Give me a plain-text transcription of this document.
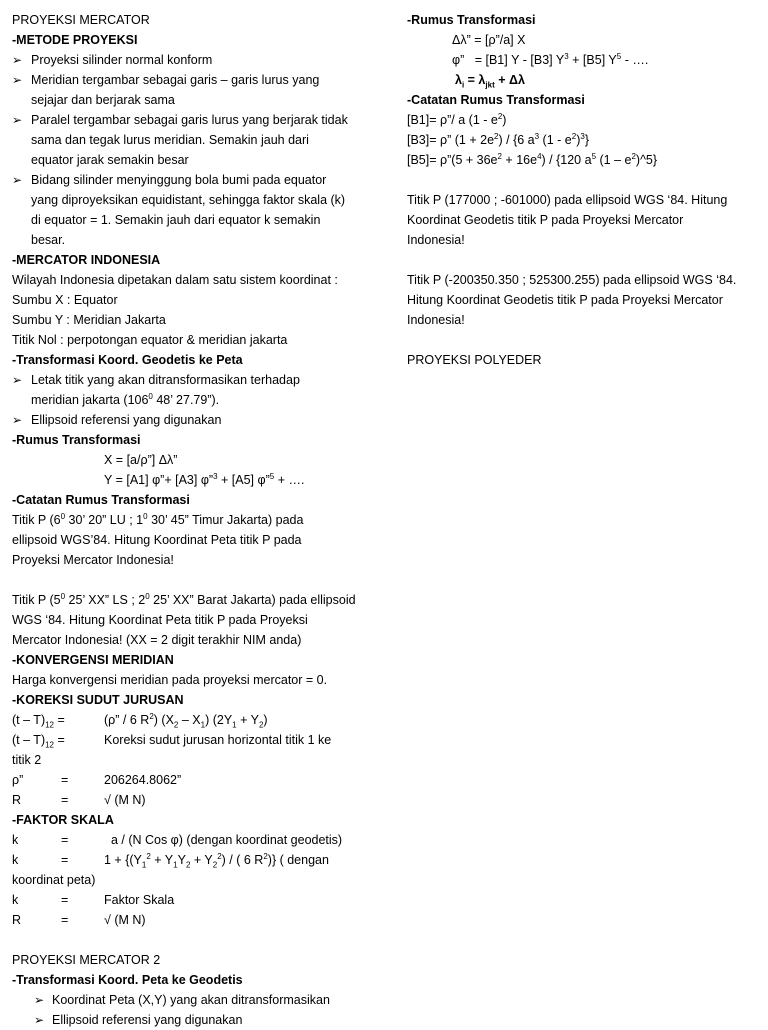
PROYEKSI MERCATOR
-METODE PROYEKSI
➢ Proyeksi silinder normal konform
➢ Meridian tergambar sebagai garis – garis lurus yang
sejajar dan berjarak sama
➢ Paralel tergambar sebagai garis lurus yang berjarak tidak
sama dan tegak lurus meridian. Semakin jauh dari
equator jarak semakin besar
➢ Bidang silinder menyinggung bola bumi pada equator
yang diproyeksikan equidistant, sehingga faktor skala (k)
di equator = 1. Semakin jauh dari equator k semakin
besar.
-MERCATOR INDONESIA
Wilayah Indonesia dipetakan dalam satu sistem koordinat :
Sumbu X : Equator
Sumbu Y : Meridian Jakarta
Titik Nol : perpotongan equator & meridian jakarta
-Transformasi Koord. Geodetis ke Peta
➢ Letak titik yang akan ditransformasikan terhadap
meridian jakarta ($106^0$ 48’ 27.79”).
➢ Ellipsoid referensi yang digunakan
-Rumus Transformasi
X = [a/ρ”] Δλ”
Y = [A1] φ”+ [A3] φ”$^3$ + [A5] φ”$^5$ + ….
-Catatan Rumus Transformasi
Titik P ($6^0$ 30’ 20” LU ; $1^0$ 30’ 45” Timur Jakarta) pada
ellipsoid WGS’84. Hitung Koordinat Peta titik P pada
Proyeksi Mercator Indonesia!
Titik P ($5^0$ 25’ XX” LS ; $2^0$ 25’ XX” Barat Jakarta) pada ellipsoid
WGS ‘84. Hitung Koordinat Peta titik P pada Proyeksi
Mercator Indonesia! (XX = 2 digit terakhir NIM anda)
-KONVERGENSI MERIDIAN
Harga konvergensi meridian pada proyeksi mercator = 0.
-KOREKSI SUDUT JURUSAN
$(t - T)_{12}$ =	(ρ” / 6 $R^2$) $(X_2 - X_1) (2Y_1 + Y_2)$
$(t - T)_{12}$ =	Koreksi sudut jurusan horizontal titik 1 ke
titik 2
ρ”	=	206264.8062”
R	=	√ (M N)
-FAKTOR SKALA
k	=	a / (N Cos φ) (dengan koordinat geodetis)
k	=	$1 + \{(Y_1^2 + Y_1Y_2 + Y_2^2)$ / ( 6 $R^2$)} ( dengan
koordinat peta)
k	=	Faktor Skala
R	=	√ (M N)
PROYEKSI MERCATOR 2
-Transformasi Koord. Peta ke Geodetis
➢ Koordinat Peta (X,Y) yang akan ditransformasikan
➢ Ellipsoid referensi yang digunakan
-Rumus Transformasi
Δλ” = [ρ”/a] X
φ”   = [B1] Y - [B3] $Y^3 + [B5]$ $Y^5$ - ….
$\lambda_i = \lambda_{jkt} + \Delta\lambda$
-Catatan Rumus Transformasi
[B1]= ρ”/ a $(1 - e^2)$
[B3]= ρ” $(1 + 2e^2) / \{6$ $a^3$ $(1 - e^2)^3$}
[B5]= ρ”(5 + $36e^2 + 16e^4) / \{120$ $a^5$ $(1 - e^2)\^{}5$}
Titik P (177000 ; -601000) pada ellipsoid WGS ‘84. Hitung
Koordinat Geodetis titik P pada Proyeksi Mercator
Indonesia!
Titik P (-200350.350 ; 525300.255) pada ellipsoid WGS ‘84.
Hitung Koordinat Geodetis titik P pada Proyeksi Mercator
Indonesia!
PROYEKSI POLYEDER
